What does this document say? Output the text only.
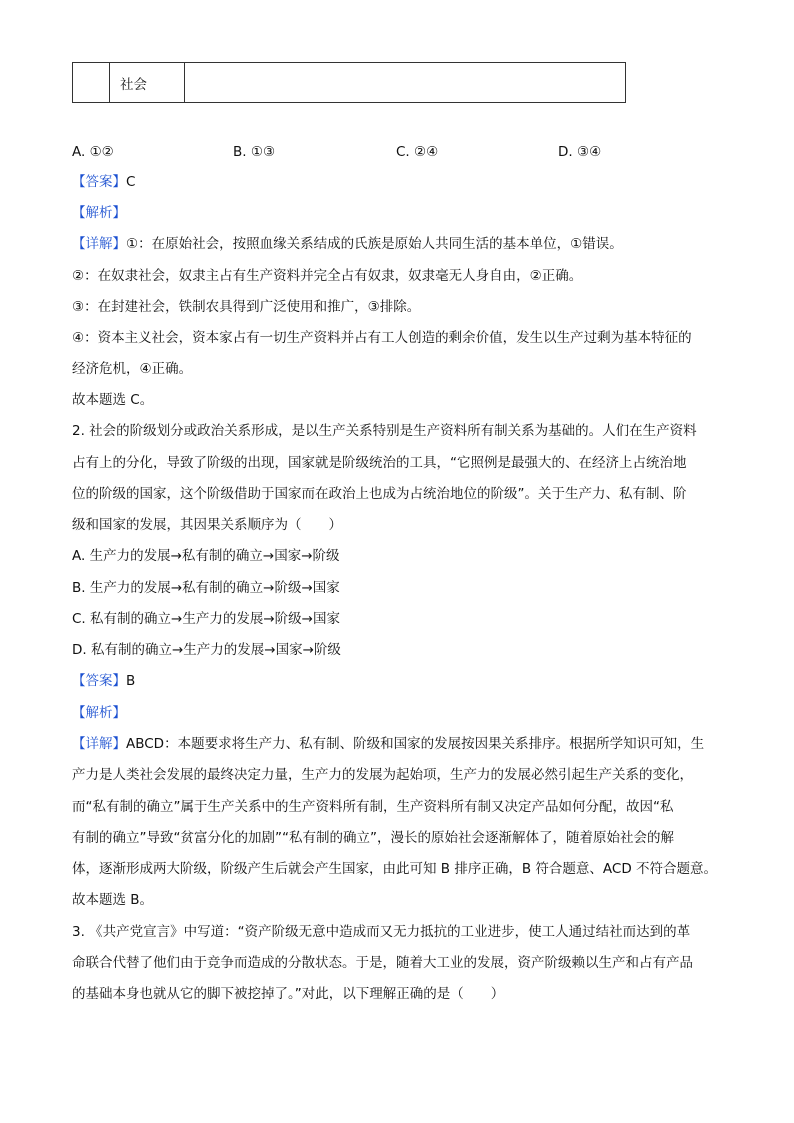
	社会	
A. ①②	B. ①③	C. ②④	D. ③④
【答案】C
【解析】
【详解】①：在原始社会，按照血缘关系结成的氏族是原始人共同生活的基本单位，①错误。
②：在奴隶社会，奴隶主占有生产资料并完全占有奴隶，奴隶毫无人身自由，②正确。
③：在封建社会，铁制农具得到广泛使用和推广，③排除。
④：资本主义社会，资本家占有一切生产资料并占有工人创造的剩余价值，发生以生产过剩为基本特征的
经济危机，④正确。
故本题选 C。
2. 社会的阶级划分或政治关系形成，是以生产关系特别是生产资料所有制关系为基础的。人们在生产资料
占有上的分化，导致了阶级的出现，国家就是阶级统治的工具，“它照例是最强大的、在经济上占统治地
位的阶级的国家，这个阶级借助于国家而在政治上也成为占统治地位的阶级”。关于生产力、私有制、阶
级和国家的发展，其因果关系顺序为（　　）
A. 生产力的发展→私有制的确立→国家→阶级
B. 生产力的发展→私有制的确立→阶级→国家
C. 私有制的确立→生产力的发展→阶级→国家
D. 私有制的确立→生产力的发展→国家→阶级
【答案】B
【解析】
【详解】ABCD：本题要求将生产力、私有制、阶级和国家的发展按因果关系排序。根据所学知识可知，生
产力是人类社会发展的最终决定力量，生产力的发展为起始项，生产力的发展必然引起生产关系的变化，
而“私有制的确立”属于生产关系中的生产资料所有制，生产资料所有制又决定产品如何分配，故因“私
有制的确立”导致“贫富分化的加剧”“私有制的确立”，漫长的原始社会逐渐解体了，随着原始社会的解
体，逐渐形成两大阶级，阶级产生后就会产生国家，由此可知 B 排序正确，B 符合题意、ACD 不符合题意。
故本题选 B。
3. 《共产党宣言》中写道：“资产阶级无意中造成而又无力抵抗的工业进步，使工人通过结社而达到的革
命联合代替了他们由于竞争而造成的分散状态。于是，随着大工业的发展，资产阶级赖以生产和占有产品
的基础本身也就从它的脚下被挖掉了。”对此，以下理解正确的是（　　）
